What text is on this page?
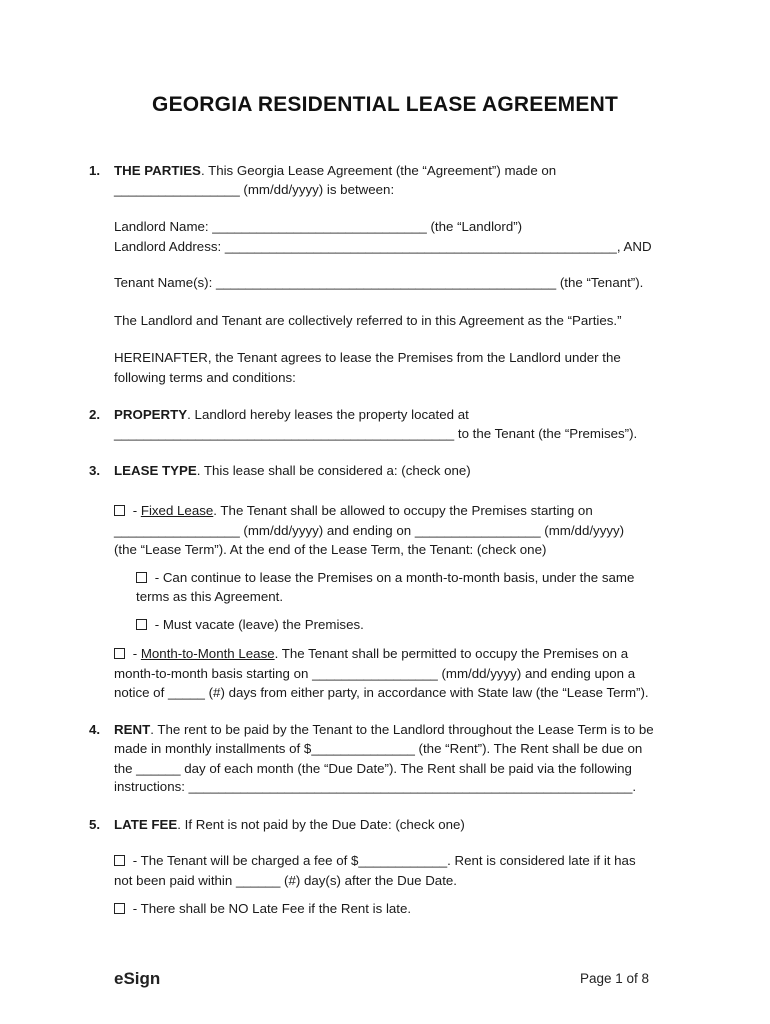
GEORGIA RESIDENTIAL LEASE AGREEMENT
1. THE PARTIES. This Georgia Lease Agreement (the “Agreement”) made on
_________________ (mm/dd/yyyy) is between:
Landlord Name: _____________________________ (the “Landlord”)
Landlord Address: _____________________________________________________, AND
Tenant Name(s): ______________________________________________ (the “Tenant”).
The Landlord and Tenant are collectively referred to in this Agreement as the “Parties.”
HEREINAFTER, the Tenant agrees to lease the Premises from the Landlord under the
following terms and conditions:
2. PROPERTY. Landlord hereby leases the property located at
______________________________________________ to the Tenant (the “Premises”).
3. LEASE TYPE. This lease shall be considered a: (check one)
- Fixed Lease. The Tenant shall be allowed to occupy the Premises starting on
_________________ (mm/dd/yyyy) and ending on _________________ (mm/dd/yyyy)
(the “Lease Term”). At the end of the Lease Term, the Tenant: (check one)
- Can continue to lease the Premises on a month-to-month basis, under the same
terms as this Agreement.
- Must vacate (leave) the Premises.
- Month-to-Month Lease. The Tenant shall be permitted to occupy the Premises on a
month-to-month basis starting on _________________ (mm/dd/yyyy) and ending upon a
notice of _____ (#) days from either party, in accordance with State law (the “Lease Term”).
4. RENT. The rent to be paid by the Tenant to the Landlord throughout the Lease Term is to be
made in monthly installments of $______________ (the “Rent”). The Rent shall be due on
the ______ day of each month (the “Due Date”). The Rent shall be paid via the following
instructions: ____________________________________________________________.
5. LATE FEE. If Rent is not paid by the Due Date: (check one)
- The Tenant will be charged a fee of $____________. Rent is considered late if it has
not been paid within ______ (#) day(s) after the Due Date.
- There shall be NO Late Fee if the Rent is late.
eSign	Page 1 of 8
